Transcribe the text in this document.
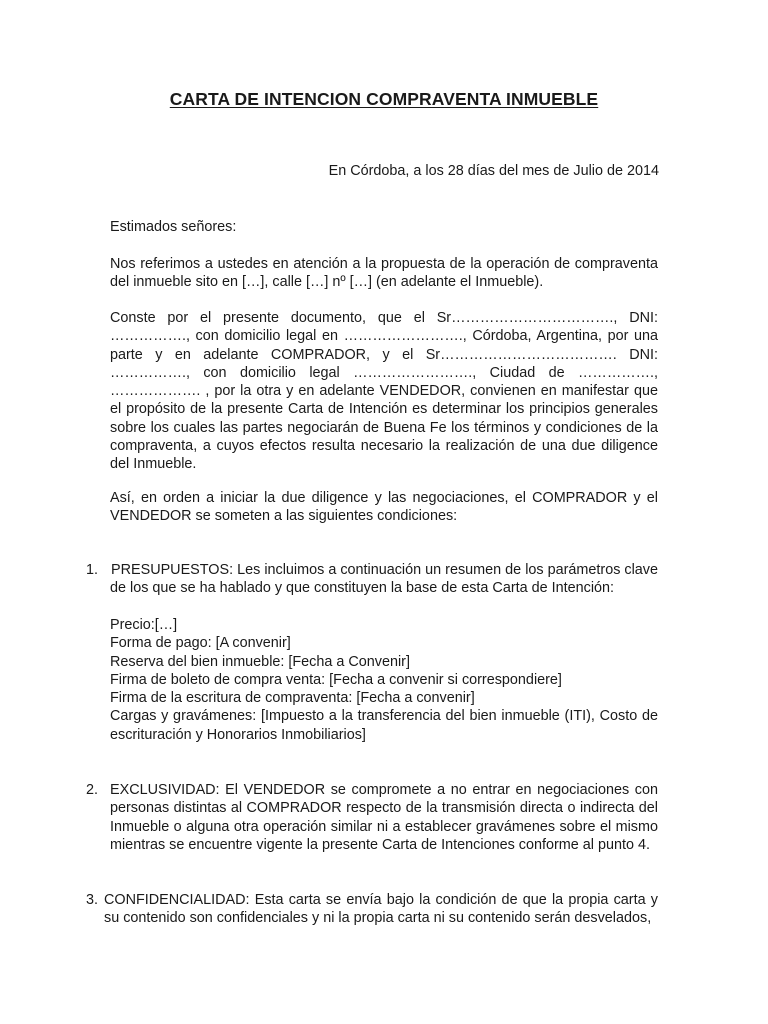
CARTA DE INTENCION COMPRAVENTA INMUEBLE

En Córdoba, a los 28 días del mes de Julio de 2014

Estimados señores:

Nos referimos a ustedes en atención a la propuesta de la operación de compraventa del inmueble sito en […], calle […] nº […] (en adelante el Inmueble).

Conste por el presente documento, que el Sr……………………………., DNI: ……………., con domicilio legal en ……………………., Córdoba, Argentina, por una parte y en adelante COMPRADOR, y el Sr………………………………. DNI: ……………., con domicilio legal ……………………., Ciudad de ……………., ………………. , por la otra y en adelante VENDEDOR, convienen en manifestar que el propósito de la presente Carta de Intención es determinar los principios generales sobre los cuales las partes negociarán de Buena Fe los términos y condiciones de la compraventa, a cuyos efectos resulta necesario la realización de una due diligence del Inmueble.

Así, en orden a iniciar la due diligence y las negociaciones, el COMPRADOR y el VENDEDOR se someten a las siguientes condiciones:

1. PRESUPUESTOS: Les incluimos a continuación un resumen de los parámetros clave de los que se ha hablado y que constituyen la base de esta Carta de Intención:

Precio:[…]
Forma de pago: [A convenir]
Reserva del bien inmueble: [Fecha a Convenir]
Firma de boleto de compra venta: [Fecha a convenir si correspondiere]
Firma de la escritura de compraventa: [Fecha a convenir]
Cargas y gravámenes: [Impuesto a la transferencia del bien inmueble (ITI), Costo de escrituración y Honorarios Inmobiliarios]
2. EXCLUSIVIDAD: El VENDEDOR se compromete a no entrar en negociaciones con personas distintas al COMPRADOR respecto de la transmisión directa o indirecta del Inmueble o alguna otra operación similar ni a establecer gravámenes sobre el mismo mientras se encuentre vigente la presente Carta de Intenciones conforme al punto 4.

3. CONFIDENCIALIDAD: Esta carta se envía bajo la condición de que la propia carta y su contenido son confidenciales y ni la propia carta ni su contenido serán desvelados,
